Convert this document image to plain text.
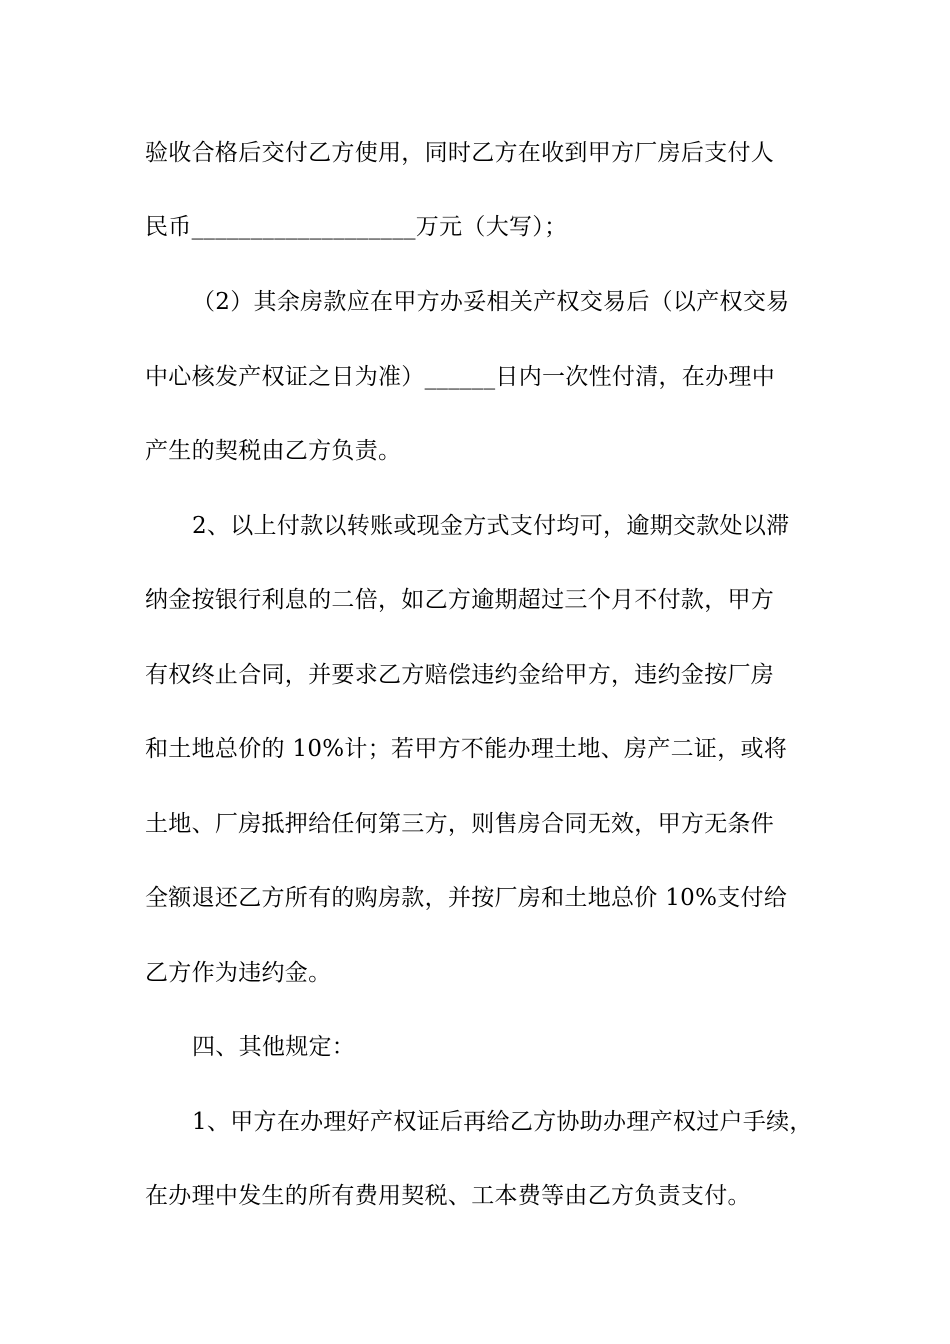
验收合格后交付乙方使用，同时乙方在收到甲方厂房后支付人
民币___________________万元（大写）；
（2）其余房款应在甲方办妥相关产权交易后（以产权交易
中心核发产权证之日为准）______日内一次性付清，在办理中
产生的契税由乙方负责。
2、以上付款以转账或现金方式支付均可，逾期交款处以滞
纳金按银行利息的二倍，如乙方逾期超过三个月不付款，甲方
有权终止合同，并要求乙方赔偿违约金给甲方，违约金按厂房
和土地总价的 10%计；若甲方不能办理土地、房产二证，或将
土地、厂房抵押给任何第三方，则售房合同无效，甲方无条件
全额退还乙方所有的购房款，并按厂房和土地总价 10%支付给
乙方作为违约金。
四、其他规定：
1、甲方在办理好产权证后再给乙方协助办理产权过户手续，
在办理中发生的所有费用契税、工本费等由乙方负责支付。
